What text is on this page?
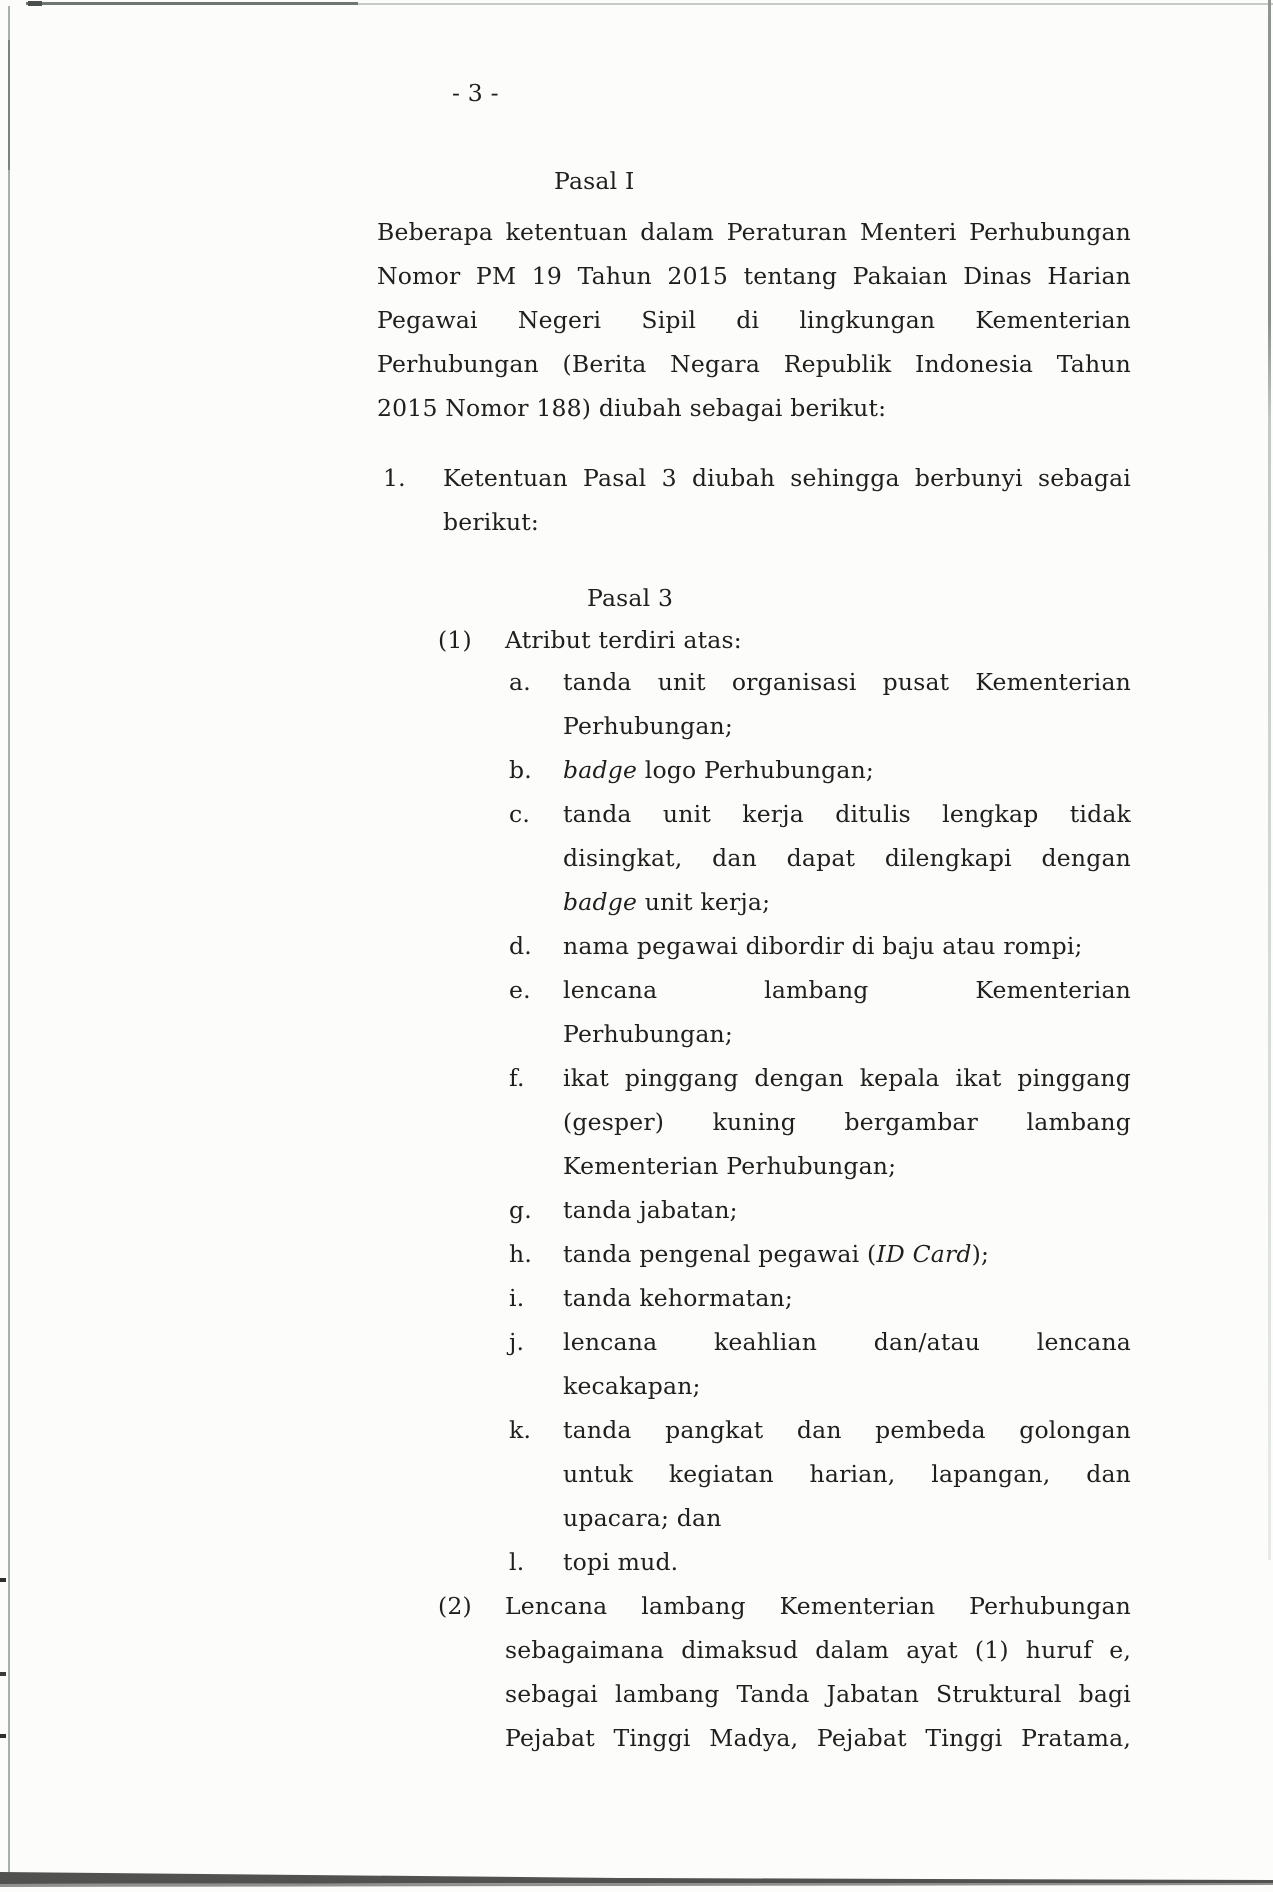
- 3 -
Pasal I
Beberapa ketentuan dalam Peraturan Menteri Perhubungan
Nomor PM 19 Tahun 2015 tentang Pakaian Dinas Harian
Pegawai Negeri Sipil di lingkungan Kementerian
Perhubungan (Berita Negara Republik Indonesia Tahun
2015 Nomor 188) diubah sebagai berikut:
1. Ketentuan Pasal 3 diubah sehingga berbunyi sebagai
berikut:
Pasal 3
(1) Atribut terdiri atas:
a. tanda unit organisasi pusat Kementerian
Perhubungan;
b. badge logo Perhubungan;
c. tanda unit kerja ditulis lengkap tidak
disingkat, dan dapat dilengkapi dengan
badge unit kerja;
d. nama pegawai dibordir di baju atau rompi;
e. lencana lambang Kementerian
Perhubungan;
f. ikat pinggang dengan kepala ikat pinggang
(gesper) kuning bergambar lambang
Kementerian Perhubungan;
g. tanda jabatan;
h. tanda pengenal pegawai (ID Card);
i. tanda kehormatan;
j. lencana keahlian dan/atau lencana
kecakapan;
k. tanda pangkat dan pembeda golongan
untuk kegiatan harian, lapangan, dan
upacara; dan
l. topi mud.
(2) Lencana lambang Kementerian Perhubungan
sebagaimana dimaksud dalam ayat (1) huruf e,
sebagai lambang Tanda Jabatan Struktural bagi
Pejabat Tinggi Madya, Pejabat Tinggi Pratama,
